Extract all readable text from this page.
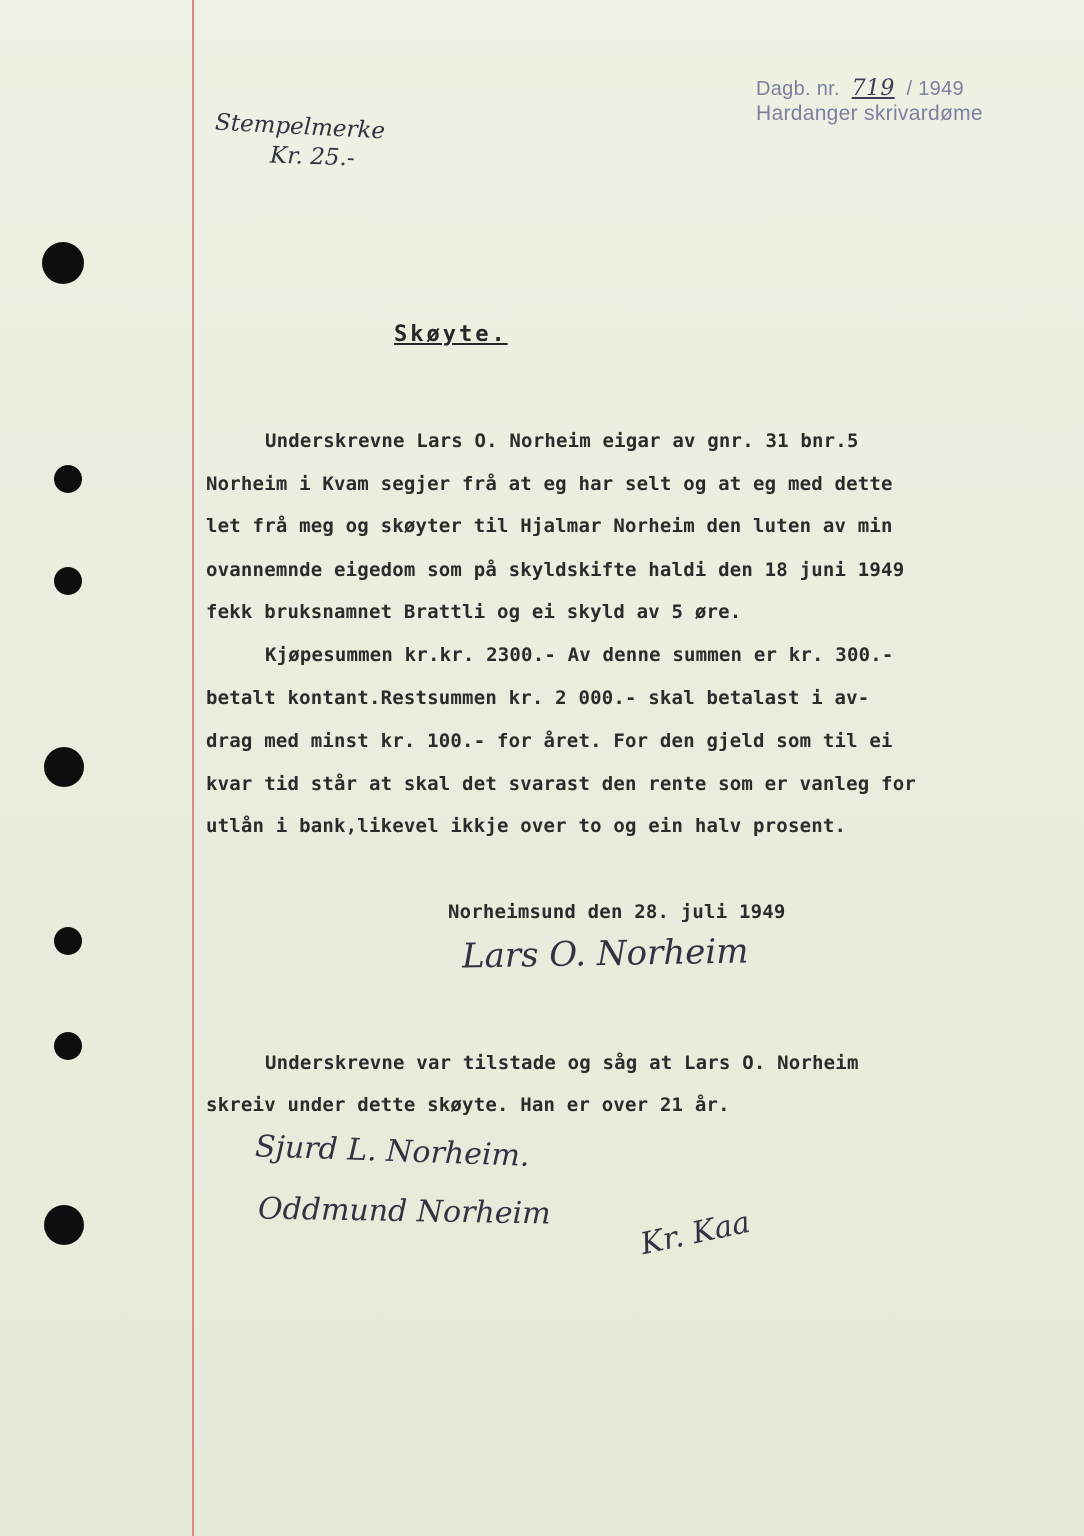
Dagb. nr. 719 / 1949
Hardanger skrivardøme
Stempelmerke
Kr. 25.-
Skøyte.
Underskrevne Lars O. Norheim eigar av gnr. 31 bnr.5
Norheim i Kvam segjer frå at eg har selt og at eg med dette
let frå meg og skøyter til Hjalmar Norheim den luten av min
ovannemnde eigedom som på skyldskifte haldi den 18 juni 1949
fekk bruksnamnet Brattli og ei skyld av 5 øre.
Kjøpesummen kr.kr. 2300.- Av denne summen er kr. 300.-
betalt kontant.Restsummen kr. 2 000.- skal betalast i av-
drag med minst kr. 100.- for året. For den gjeld som til ei
kvar tid står at skal det svarast den rente som er vanleg for
utlån i bank,likevel ikkje over to og ein halv prosent.
Norheimsund den 28. juli 1949
Lars O. Norheim
Underskrevne var tilstade og såg at Lars O. Norheim
skreiv under dette skøyte. Han er over 21 år.
Sjurd L. Norheim.
Oddmund Norheim	Kr. Kaa
